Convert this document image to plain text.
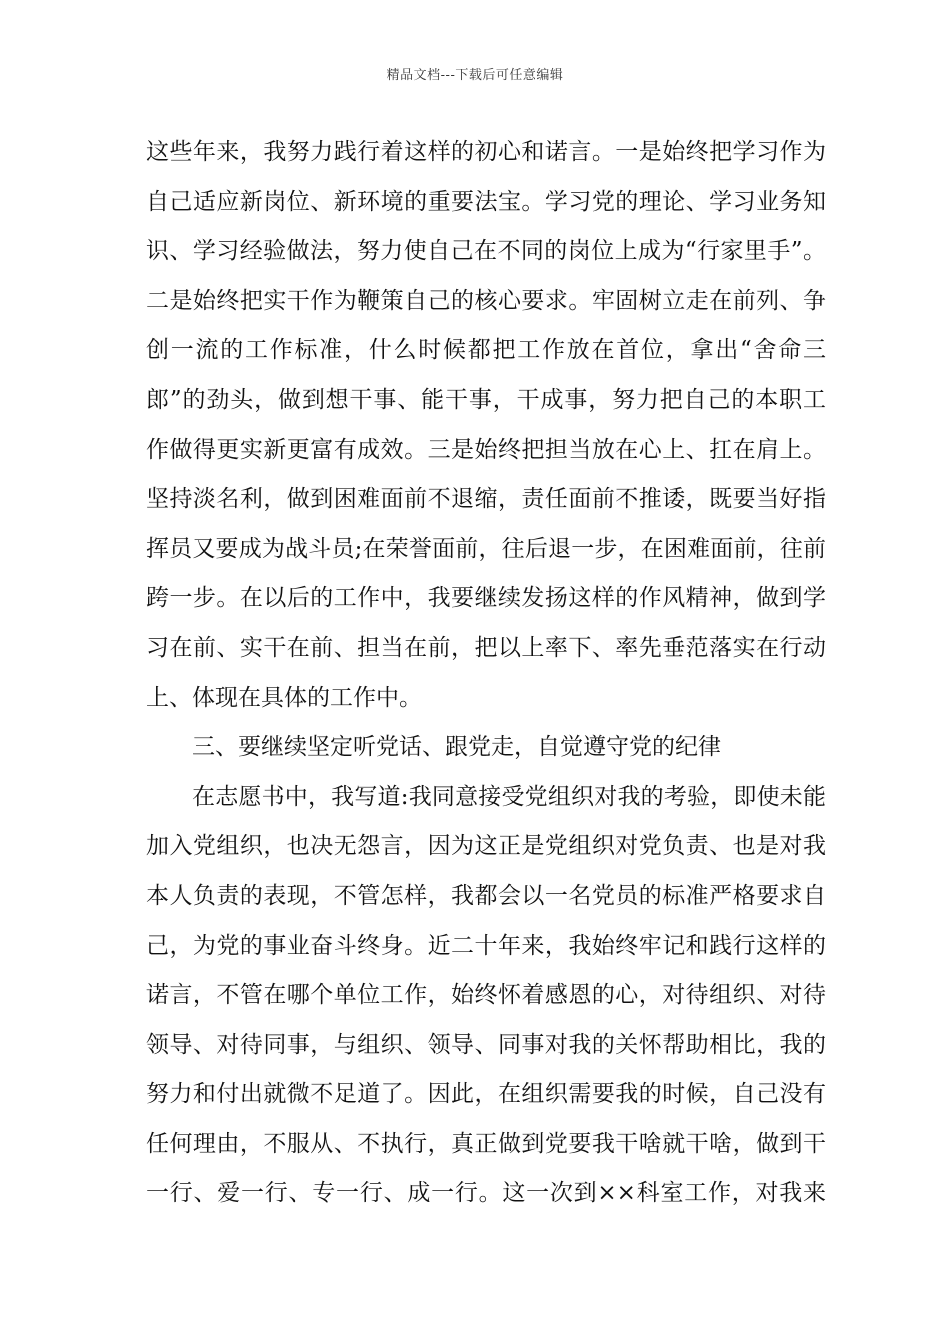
精品文档---下载后可任意编辑
这些年来，我努力践行着这样的初心和诺言。一是始终把学习作为
自己适应新岗位、新环境的重要法宝。学习党的理论、学习业务知
识、学习经验做法，努力使自己在不同的岗位上成为“行家里手”。
二是始终把实干作为鞭策自己的核心要求。牢固树立走在前列、争
创一流的工作标准，什么时候都把工作放在首位，拿出“舍命三
郎”的劲头，做到想干事、能干事，干成事，努力把自己的本职工
作做得更实新更富有成效。三是始终把担当放在心上、扛在肩上。
坚持淡名利，做到困难面前不退缩，责任面前不推诿，既要当好指
挥员又要成为战斗员;在荣誉面前，往后退一步，在困难面前，往前
跨一步。在以后的工作中，我要继续发扬这样的作风精神，做到学
习在前、实干在前、担当在前，把以上率下、率先垂范落实在行动
上、体现在具体的工作中。
三、要继续坚定听党话、跟党走，自觉遵守党的纪律
在志愿书中，我写道:我同意接受党组织对我的考验，即使未能
加入党组织，也决无怨言，因为这正是党组织对党负责、也是对我
本人负责的表现，不管怎样，我都会以一名党员的标准严格要求自
己，为党的事业奋斗终身。近二十年来，我始终牢记和践行这样的
诺言，不管在哪个单位工作，始终怀着感恩的心，对待组织、对待
领导、对待同事，与组织、领导、同事对我的关怀帮助相比，我的
努力和付出就微不足道了。因此，在组织需要我的时候，自己没有
任何理由，不服从、不执行，真正做到党要我干啥就干啥，做到干
一行、爱一行、专一行、成一行。这一次到××科室工作，对我来
